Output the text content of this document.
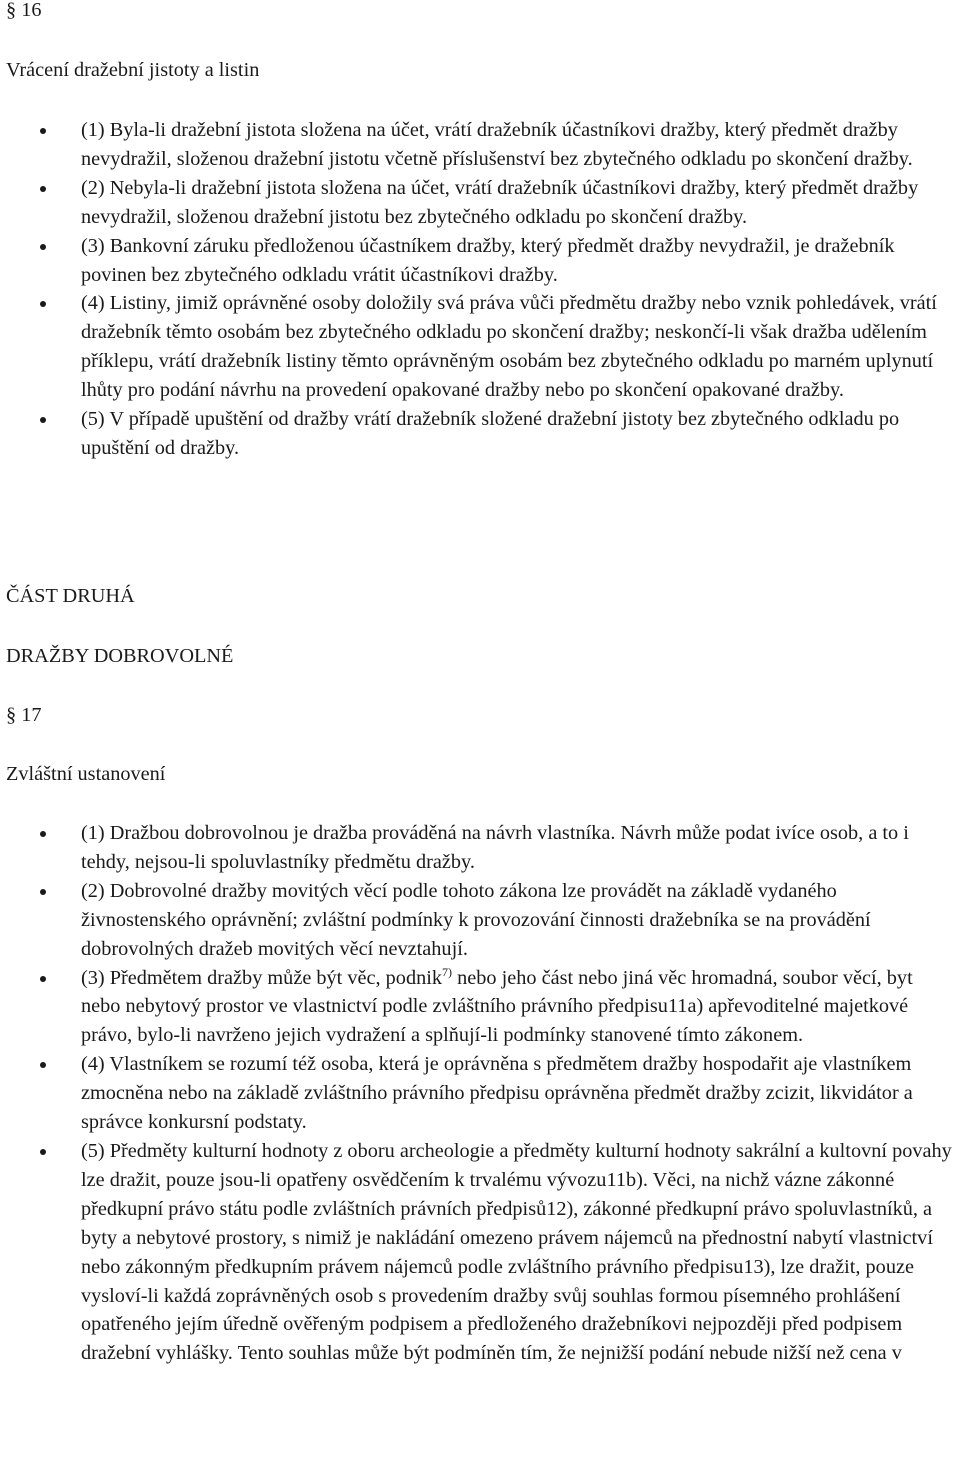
§ 16
Vrácení dražební jistoty a listin
(1) Byla-li dražební jistota složena na účet, vrátí dražebník účastníkovi dražby, který předmět dražby nevydražil, složenou dražební jistotu včetně příslušenství bez zbytečného odkladu po skončení dražby.
(2) Nebyla-li dražební jistota složena na účet, vrátí dražebník účastníkovi dražby, který předmět dražby nevydražil, složenou dražební jistotu bez zbytečného odkladu po skončení dražby.
(3) Bankovní záruku předloženou účastníkem dražby, který předmět dražby nevydražil, je dražebník povinen bez zbytečného odkladu vrátit účastníkovi dražby.
(4) Listiny, jimiž oprávněné osoby doložily svá práva vůči předmětu dražby nebo vznik pohledávek, vrátí dražebník těmto osobám bez zbytečného odkladu po skončení dražby; neskončí-li však dražba udělením příklepu, vrátí dražebník listiny těmto oprávněným osobám bez zbytečného odkladu po marném uplynutí lhůty pro podání návrhu na provedení opakované dražby nebo po skončení opakované dražby.
(5) V případě upuštění od dražby vrátí dražebník složené dražební jistoty bez zbytečného odkladu po upuštění od dražby.
ČÁST DRUHÁ
DRAŽBY DOBROVOLNÉ
§ 17
Zvláštní ustanovení
(1) Dražbou dobrovolnou je dražba prováděná na návrh vlastníka. Návrh může podat ivíce osob, a to i tehdy, nejsou-li spoluvlastníky předmětu dražby.
(2) Dobrovolné dražby movitých věcí podle tohoto zákona lze provádět na základě vydaného živnostenského oprávnění; zvláštní podmínky k provozování činnosti dražebníka se na provádění dobrovolných dražeb movitých věcí nevztahují.
(3) Předmětem dražby může být věc, podnik$^{7)}$ nebo jeho část nebo jiná věc hromadná, soubor věcí, byt nebo nebytový prostor ve vlastnictví podle zvláštního právního předpisu11a) apřevoditelné majetkové právo, bylo-li navrženo jejich vydražení a splňují-li podmínky stanovené tímto zákonem.
(4) Vlastníkem se rozumí též osoba, která je oprávněna s předmětem dražby hospodařit aje vlastníkem zmocněna nebo na základě zvláštního právního předpisu oprávněna předmět dražby zcizit, likvidátor a správce konkursní podstaty.
(5) Předměty kulturní hodnoty z oboru archeologie a předměty kulturní hodnoty sakrální a kultovní povahy lze dražit, pouze jsou-li opatřeny osvědčením k trvalému vývozu11b). Věci, na nichž vázne zákonné předkupní právo státu podle zvláštních právních předpisů12), zákonné předkupní právo spoluvlastníků, a byty a nebytové prostory, s nimiž je nakládání omezeno právem nájemců na přednostní nabytí vlastnictví nebo zákonným předkupním právem nájemců podle zvláštního právního předpisu13), lze dražit, pouze vysloví-li každá zoprávněných osob s provedením dražby svůj souhlas formou písemného prohlášení opatřeného jejím úředně ověřeným podpisem a předloženého dražebníkovi nejpozději před podpisem dražební vyhlášky. Tento souhlas může být podmíněn tím, že nejnižší podání nebude nižší než cena v
